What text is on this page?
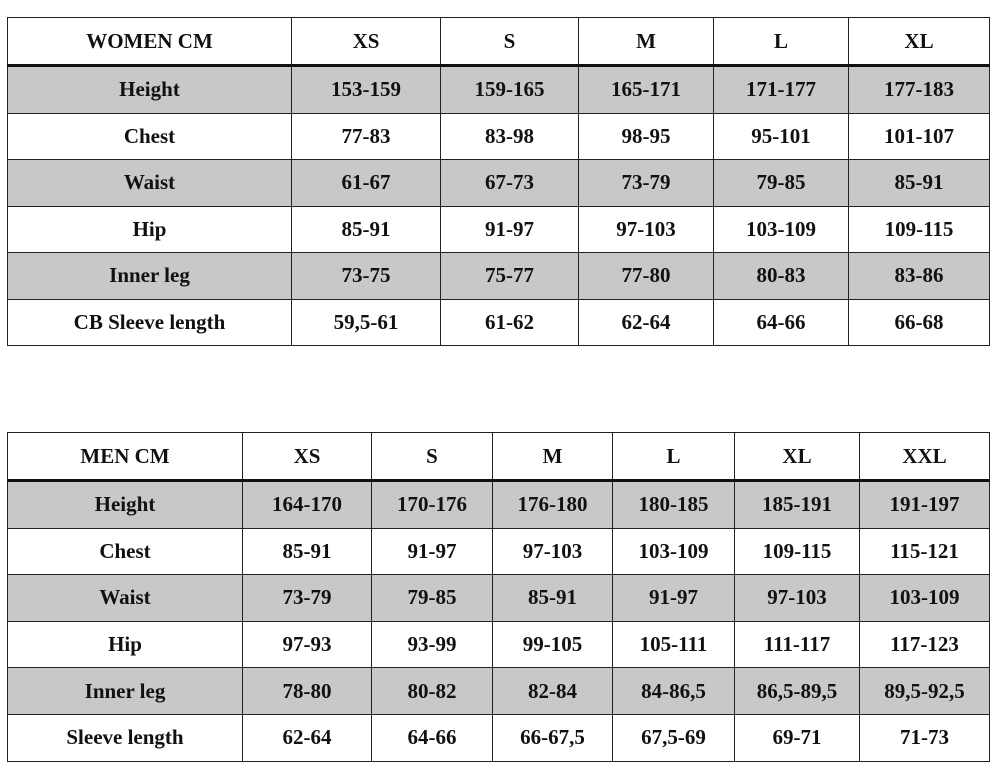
WOMEN CM	XS	S	M	L	XL
Height	153-159	159-165	165-171	171-177	177-183
Chest	77-83	83-98	98-95	95-101	101-107
Waist	61-67	67-73	73-79	79-85	85-91
Hip	85-91	91-97	97-103	103-109	109-115
Inner leg	73-75	75-77	77-80	80-83	83-86
CB Sleeve length	59,5-61	61-62	62-64	64-66	66-68
MEN CM	XS	S	M	L	XL	XXL
Height	164-170	170-176	176-180	180-185	185-191	191-197
Chest	85-91	91-97	97-103	103-109	109-115	115-121
Waist	73-79	79-85	85-91	91-97	97-103	103-109
Hip	97-93	93-99	99-105	105-111	111-117	117-123
Inner leg	78-80	80-82	82-84	84-86,5	86,5-89,5	89,5-92,5
Sleeve length	62-64	64-66	66-67,5	67,5-69	69-71	71-73
